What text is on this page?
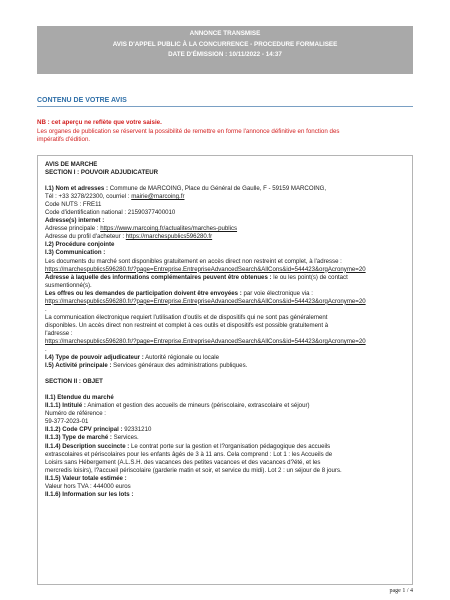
ANNONCE TRANSMISE
AVIS D'APPEL PUBLIC À LA CONCURRENCE - PROCEDURE FORMALISEE
DATE D'ÉMISSION : 10/11/2022 - 14:37
CONTENU DE VOTRE AVIS
NB : cet aperçu ne reflète que votre saisie.
Les organes de publication se réservent la possibilité de remettre en forme l'annonce définitive en fonction des
impératifs d'édition.
AVIS DE MARCHÉ
SECTION I : POUVOIR ADJUDICATEUR
I.1) Nom et adresses : Commune de MARCOING, Place du Général de Gaulle, F - 59159 MARCOING,
Tél : +33 3278/22300, courriel : mairie@marcoing.fr
Code NUTS : FRE11
Code d'identification national : 21590377400010
Adresse(s) internet :
Adresse principale : https://www.marcoing.fr/actualites/marches-publics
Adresse du profil d'acheteur : https://marchespublics596280.fr
I.2) Procédure conjointe
I.3) Communication :
Les documents du marché sont disponibles gratuitement en accès direct non restreint et complet, à l'adresse :
https://marchespublics596280.fr/?page=Entreprise.EntrepriseAdvancedSearch&AllCons&id=544423&orgAcronyme=20
Adresse à laquelle des informations complémentaires peuvent être obtenues : le ou les point(s) de contact
susmentionné(s).
Les offres ou les demandes de participation doivent être envoyées : par voie électronique via :
https://marchespublics596280.fr/?page=Entreprise.EntrepriseAdvancedSearch&AllCons&id=544423&orgAcronyme=20
.
La communication électronique requiert l'utilisation d'outils et de dispositifs qui ne sont pas généralement
disponibles. Un accès direct non restreint et complet à ces outils et dispositifs est possible gratuitement à
l'adresse :
https://marchespublics596280.fr/?page=Entreprise.EntrepriseAdvancedSearch&AllCons&id=544423&orgAcronyme=20
.
I.4) Type de pouvoir adjudicateur : Autorité régionale ou locale
I.5) Activité principale : Services généraux des administrations publiques.
SECTION II : OBJET
II.1) Etendue du marché
II.1.1) Intitulé : Animation et gestion des accueils de mineurs (périscolaire, extrascolaire et séjour)
Numéro de référence :
59-377-2023-01
II.1.2) Code CPV principal : 92331210
II.1.3) Type de marché : Services.
II.1.4) Description succincte : Le contrat porte sur la gestion et l?organisation pédagogique des accueils
extrascolaires et périscolaires pour les enfants âgés de 3 à 11 ans. Cela comprend : Lot 1 : les Accueils de
Loisirs sans Hébergement (A.L.S.H. des vacances des petites vacances et des vacances d?été, et les
mercredis loisirs), l?accueil périscolaire (garderie matin et soir, et service du midi). Lot 2 : un séjour de 8 jours.
II.1.5) Valeur totale estimée :
Valeur hors TVA : 444000 euros
II.1.6) Information sur les lots :
page 1 / 4
